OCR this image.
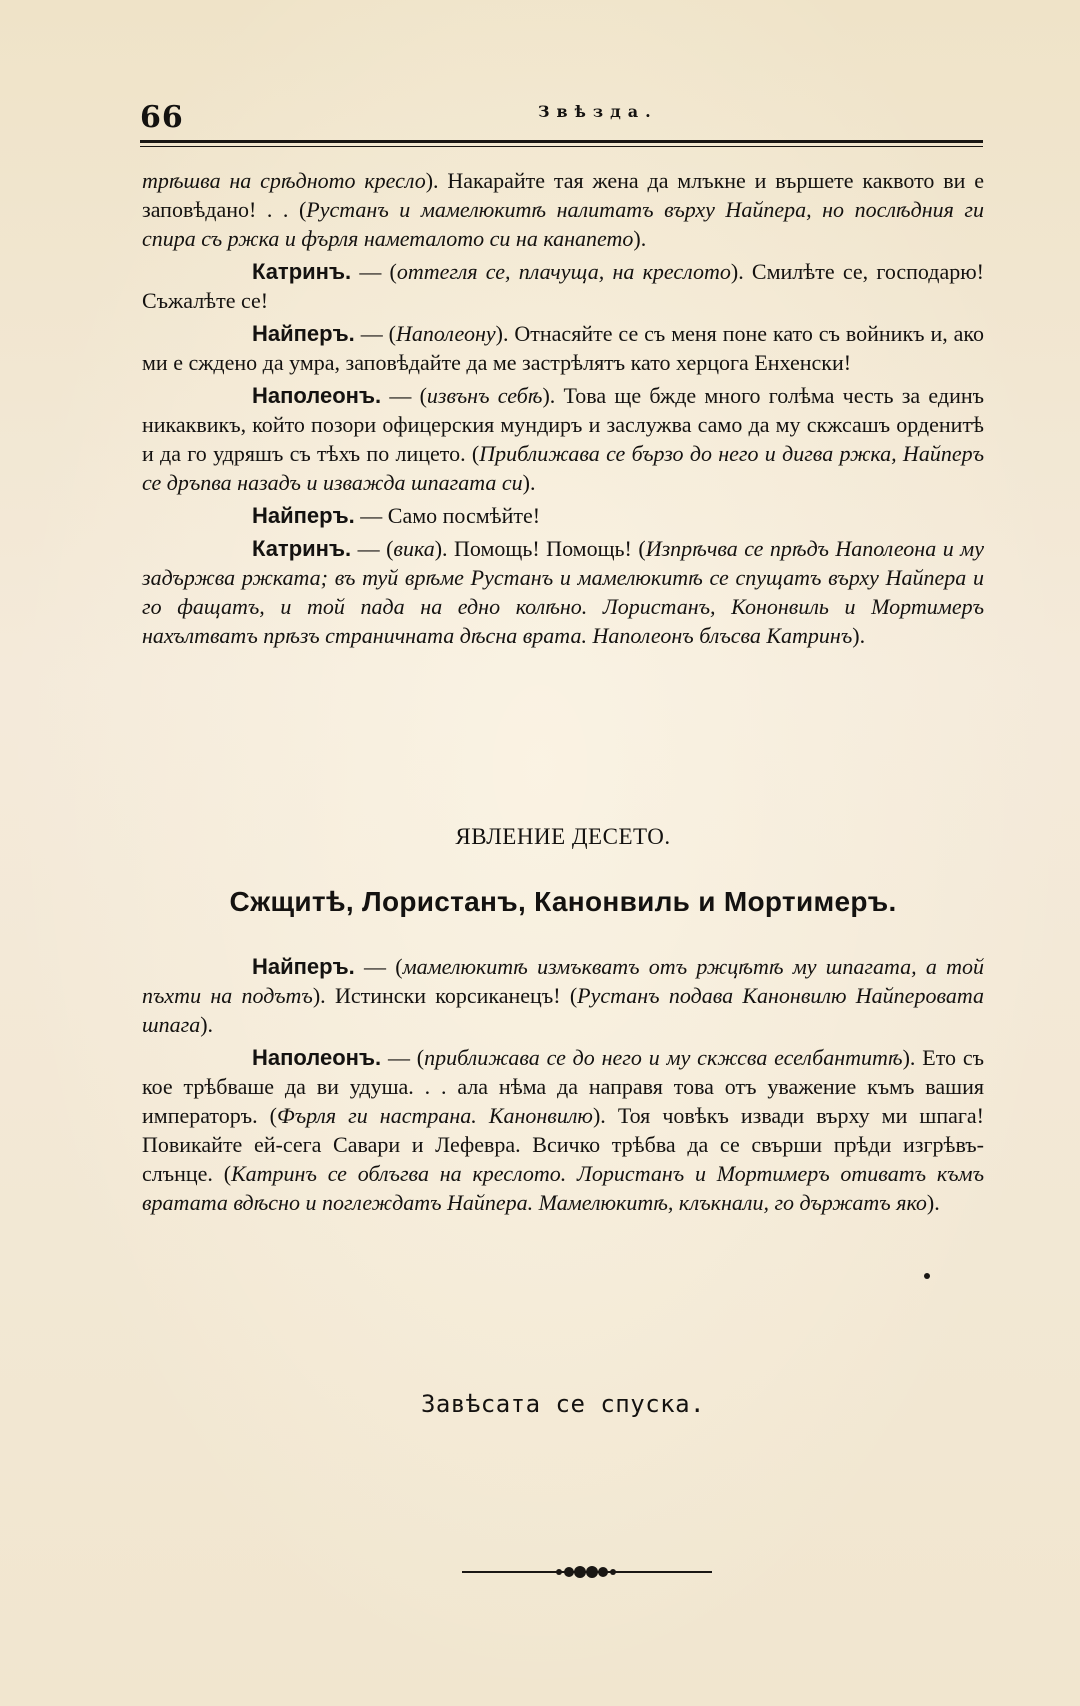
66	Звѣзда.

трѣшва на срѣдното кресло). Накарайте тая жена да млъкне и вършете каквото ви е заповѣдано! . . (Рустанъ и мамелюкитѣ налитатъ върху Найпера, но послѣдния ги спира съ ржка и фърля наметалото си на канапето).

Катринъ. — (оттегля се, плачуща, на креслото). Смилѣте се, господарю! Съжалѣте се!

Найперъ. — (Наполеону). Отнасяйте се съ меня поне като съ войникъ и, ако ми е сждено да умра, заповѣдайте да ме застрѣлятъ като херцога Енхенски!

Наполеонъ. — (извънъ себѣ). Това ще бжде много голѣма честь за единъ никаквикъ, който позори офицерския мундиръ и заслужва само да му скжсашъ орденитѣ и да го удряшъ съ тѣхъ по лицето. (Приближава се бързо до него и дигва ржка, Найперъ се дръпва назадъ и изважда шпагата си).

Найперъ. — Само посмѣйте!

Катринъ. — (вика). Помощь! Помощь! (Изпрѣчва се прѣдъ Наполеона и му задържва ржката; въ туй врѣме Рустанъ и мамелюкитѣ се спущатъ върху Найпера и го фащатъ, и той пада на едно колѣно. Лористанъ, Кононвиль и Мортимеръ нахълтватъ прѣзъ страничната дѣсна врата. Наполеонъ блъсва Катринъ).

ЯВЛЕНИЕ ДЕСЕТО.
Сжщитѣ, Лористанъ, Канонвиль и Мортимеръ.

Найперъ. — (мамелюкитѣ измъкватъ отъ ржцѣтѣ му шпагата, а той пъхти на подътъ). Истински корсиканецъ! (Рустанъ подава Канонвилю Найперовата шпага).

Наполеонъ. — (приближава се до него и му скжсва еселбантитѣ). Ето съ кое трѣбваше да ви удуша. . . ала нѣма да направя това отъ уважение къмъ вашия императоръ. (Фърля ги настрана. Канонвилю). Тоя човѣкъ извади върху ми шпага! Повикайте ей-сега Савари и Лефевра. Всичко трѣбва да се свърши прѣди изгрѣвъ-слънце. (Катринъ се облъгва на креслото. Лористанъ и Мортимеръ отиватъ къмъ вратата вдѣсно и поглеждатъ Найпера. Мамелюкитѣ, клъкнали, го държатъ яко).

Завѣсата се спуска.
